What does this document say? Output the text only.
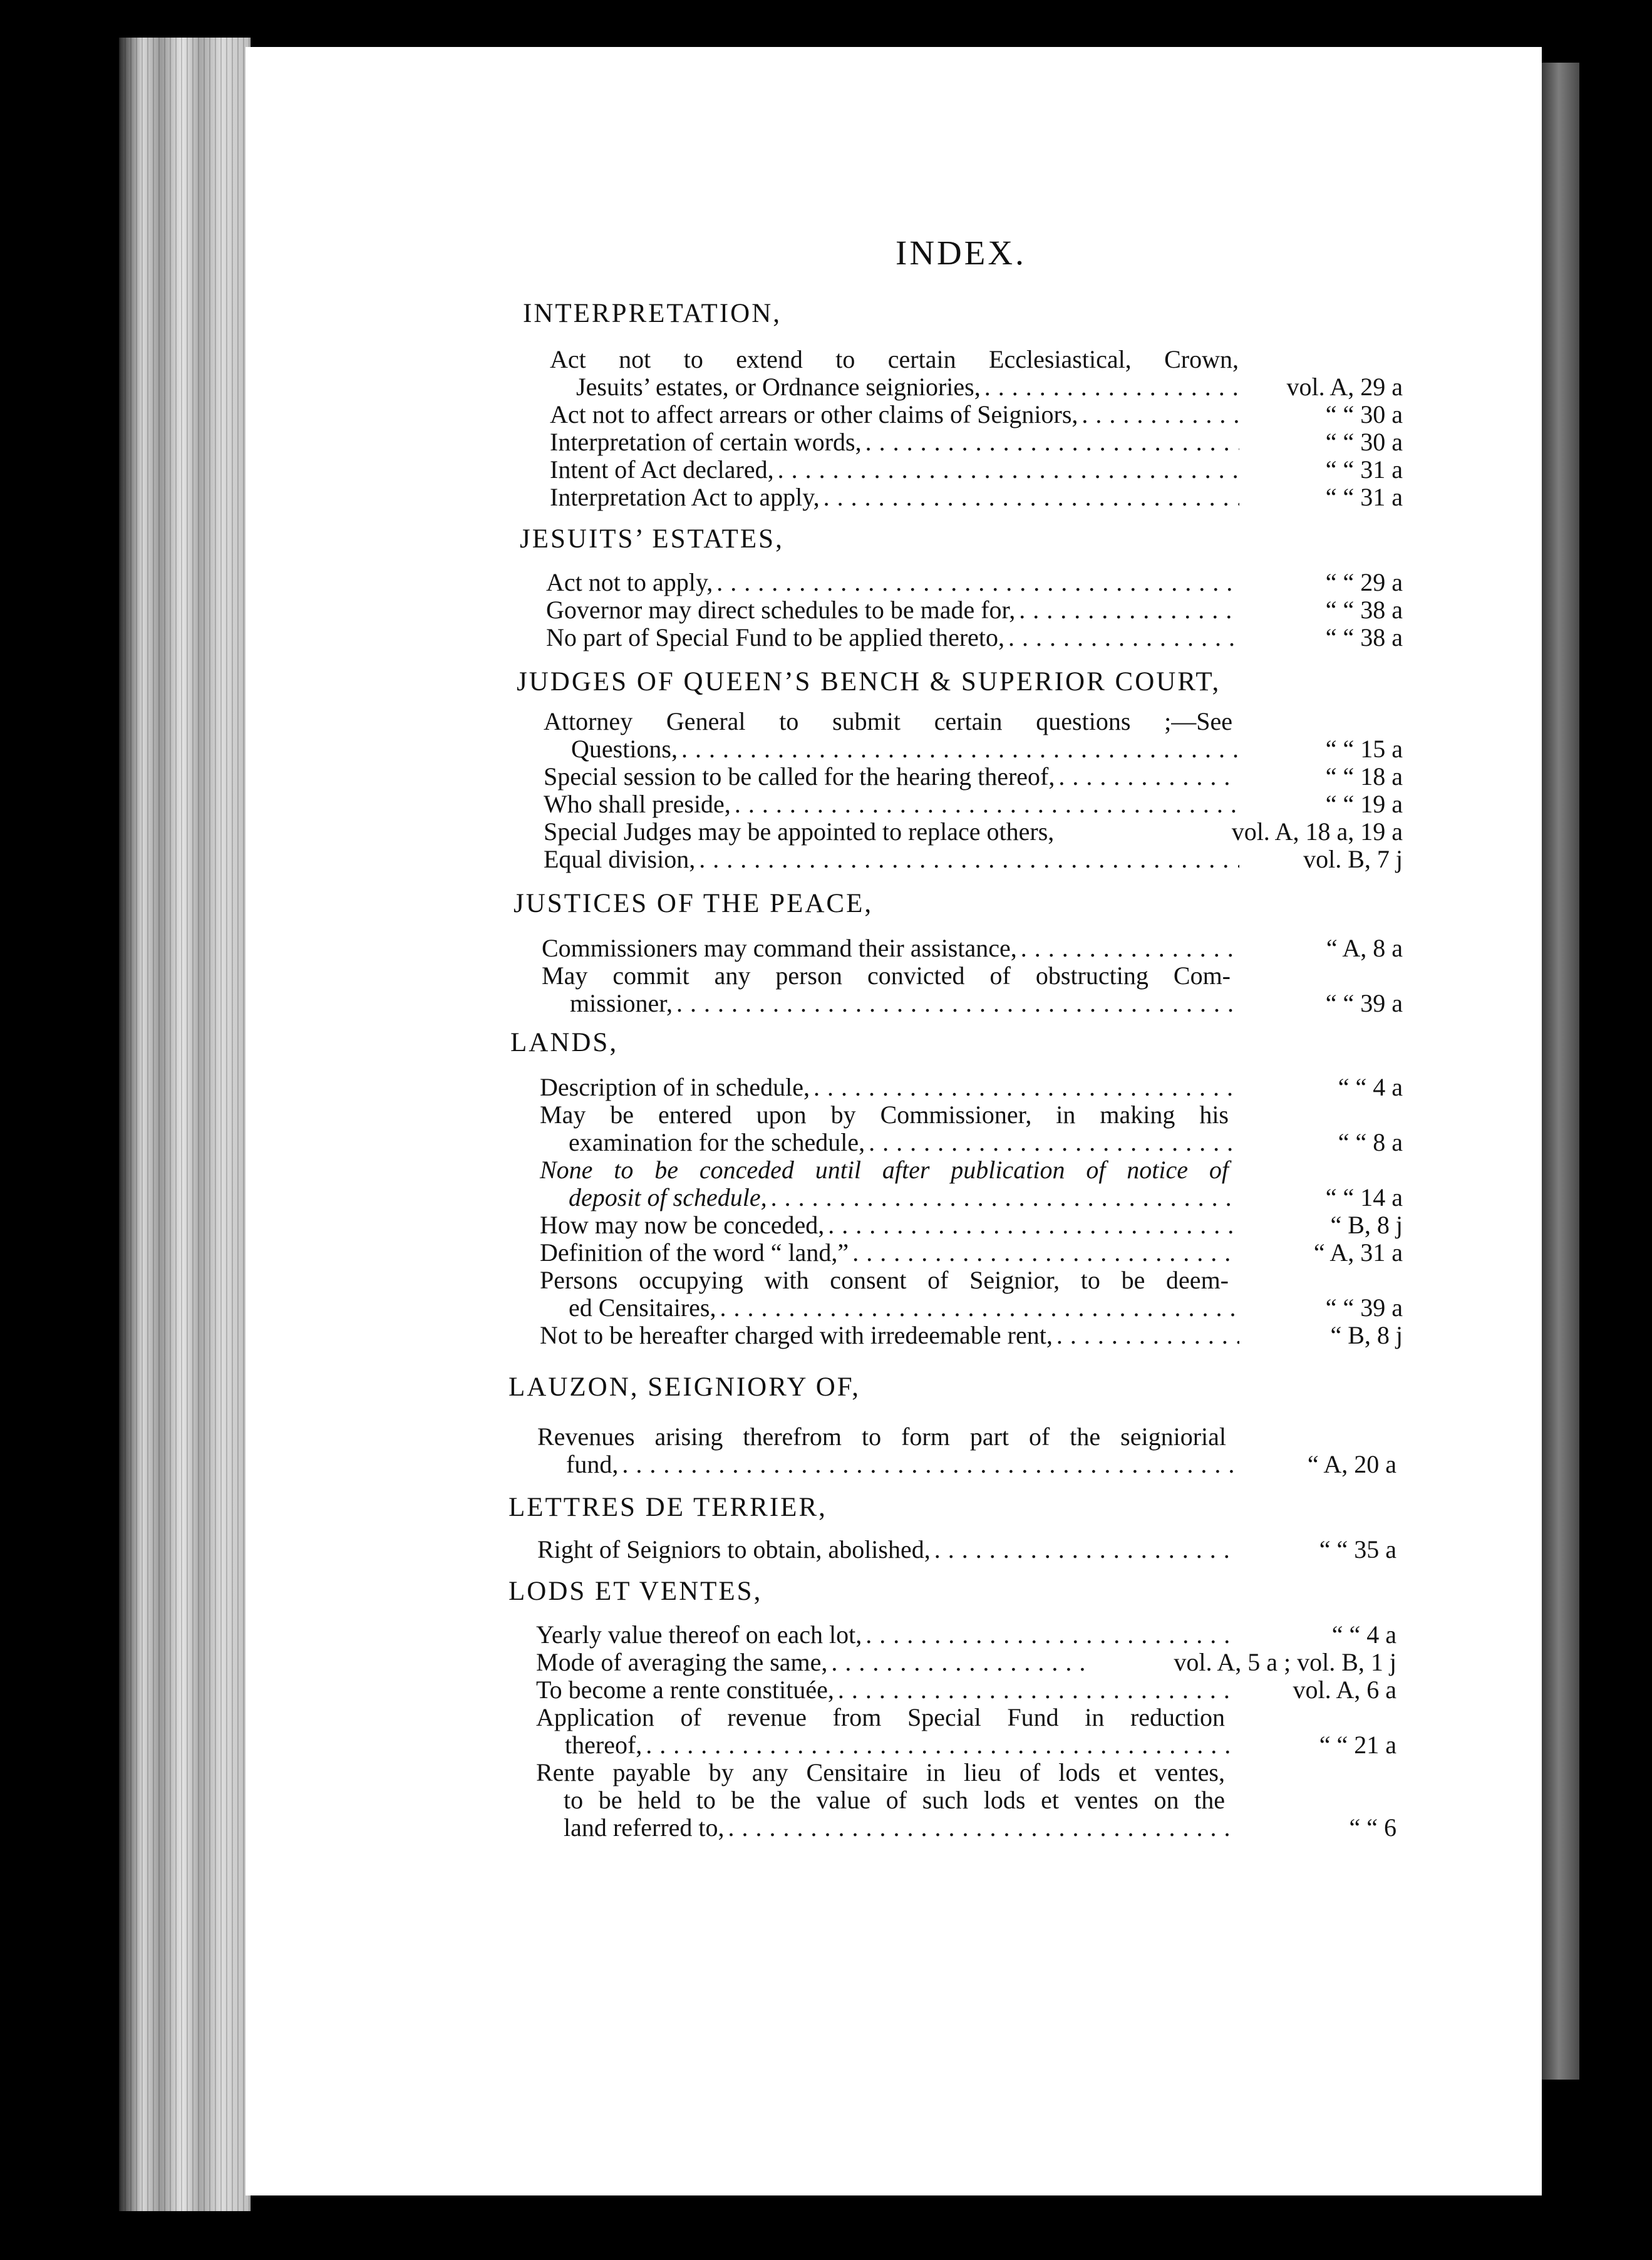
INTERPRETATION,
Act not to extend to certain Ecclesiastical, Crown,
Jesuits’ estates, or Ordnance seigniories, . . .	vol. A, 29 a
Act not to affect arrears or other claims of Seigniors, . . .	“ “ 30 a
Interpretation of certain words, . . .	“ “ 30 a
Intent of Act declared, . . .	“ “ 31 a
Interpretation Act to apply, . . .	“ “ 31 a
JESUITS’ ESTATES,
Act not to apply, . . .	“ “ 29 a
Governor may direct schedules to be made for, . . .	“ “ 38 a
No part of Special Fund to be applied thereto, . . .	“ “ 38 a
JUDGES OF QUEEN’S BENCH & SUPERIOR COURT,
Attorney General to submit certain questions ;—See
Questions, . . .	“ “ 15 a
Special session to be called for the hearing thereof, . . .	“ “ 18 a
Who shall preside, . . .	“ “ 19 a
Special Judges may be appointed to replace others,	vol. A, 18 a, 19 a
Equal division, . . .	vol. B, 7 j
JUSTICES OF THE PEACE,
Commissioners may command their assistance, . . .	“ A, 8 a
May commit any person convicted of obstructing Com-
missioner, . . .	“ “ 39 a
LANDS,
Description of in schedule, . . .	“ “ 4 a
May be entered upon by Commissioner, in making his
examination for the schedule, . . .	“ “ 8 a
None to be conceded until after publication of notice of
deposit of schedule, . . .	“ “ 14 a
How may now be conceded, . . .	“ B, 8 j
Definition of the word “ land,” . . .	“ A, 31 a
Persons occupying with consent of Seignior, to be deem-
ed Censitaires, . . .	“ “ 39 a
Not to be hereafter charged with irredeemable rent, . . .	“ B, 8 j
LAUZON, SEIGNIORY OF,
Revenues arising therefrom to form part of the seigniorial
fund, . . .	“ A, 20 a
LETTRES DE TERRIER,
Right of Seigniors to obtain, abolished, . . .	“ “ 35 a
LODS ET VENTES,
Yearly value thereof on each lot, . . .	“ “ 4 a
Mode of averaging the same, . . .	vol. A, 5 a ; vol. B, 1 j
To become a rente constituée, . . .	vol. A, 6 a
Application of revenue from Special Fund in reduction
thereof, . . .	“ “ 21 a
Rente payable by any Censitaire in lieu of lods et ventes,
to be held to be the value of such lods et ventes on the
land referred to, . . .	“ “ 6
